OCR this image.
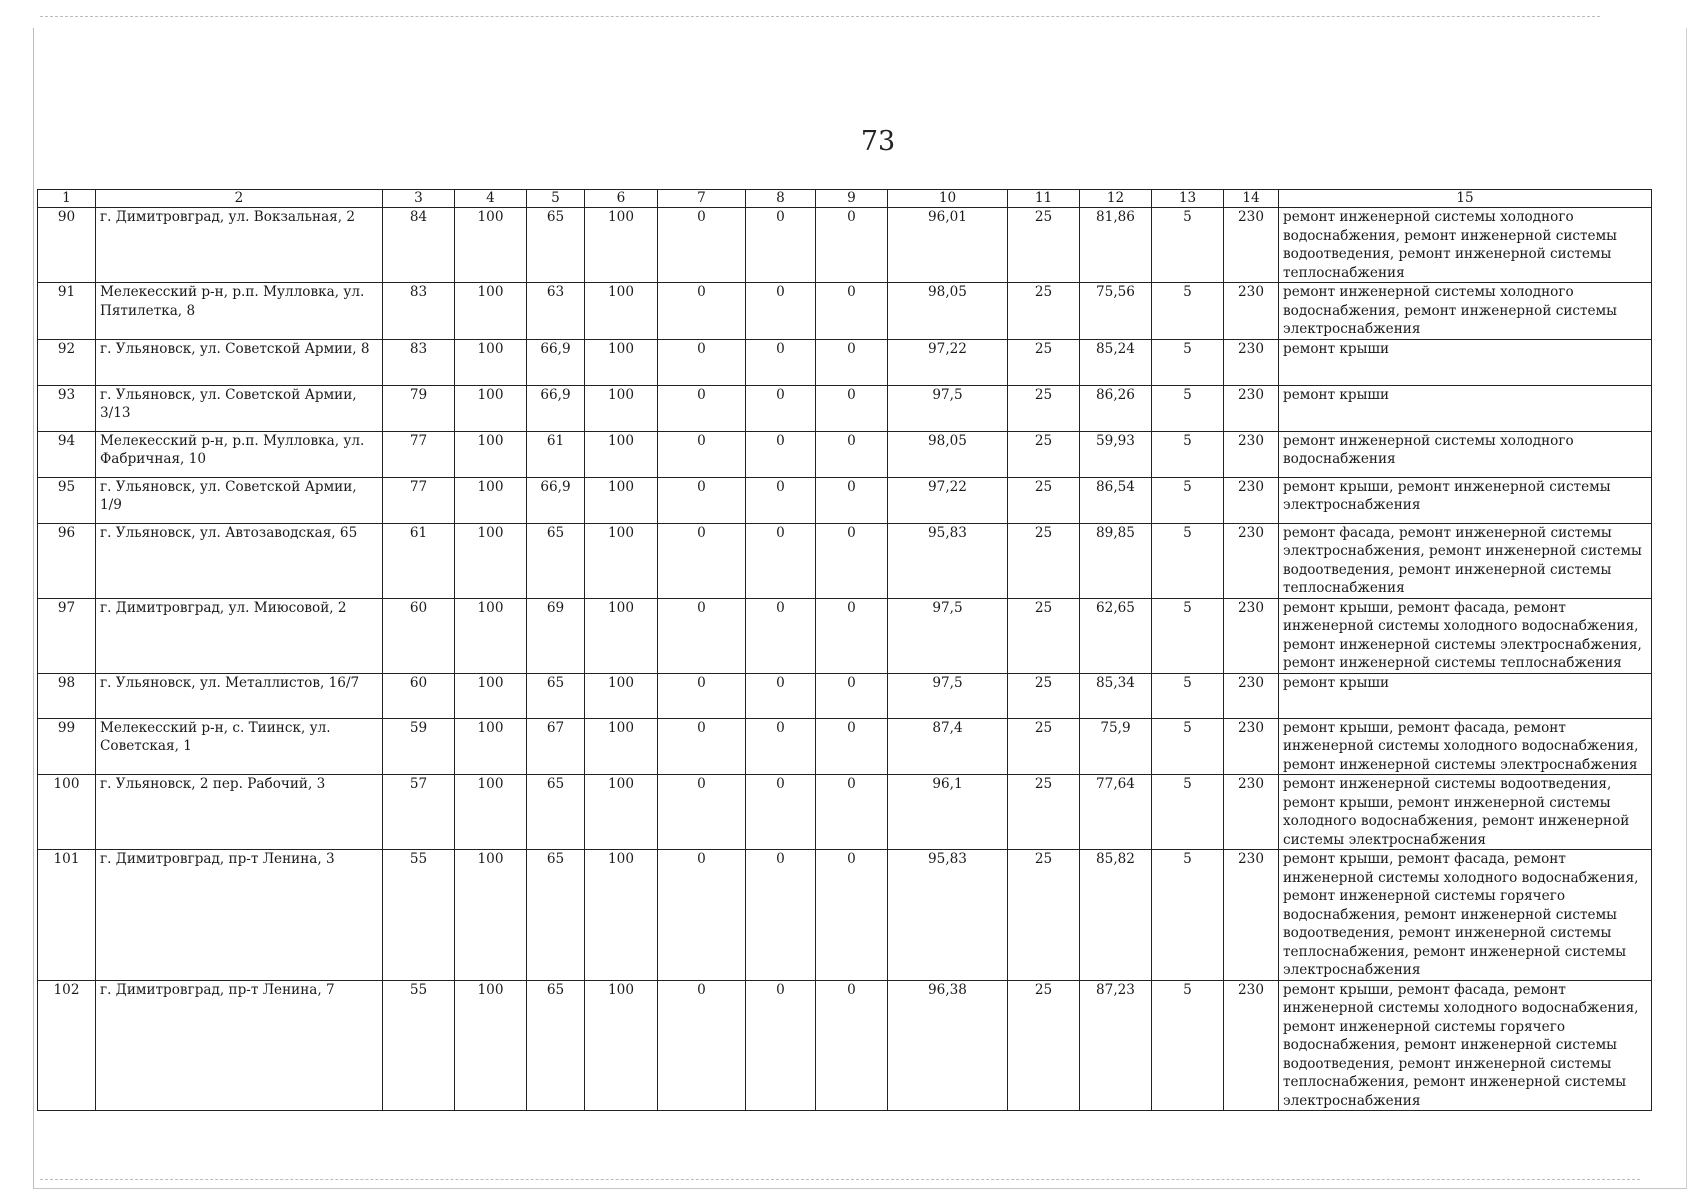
73
1	2	3	4	5	6	7	8	9	10	11	12	13	14	15
90	г. Димитровград, ул. Вокзальная, 2	84	100	65	100	0	0	0	96,01	25	81,86	5	230	ремонт инженерной системы холодного водоснабжения, ремонт инженерной системы водоотведения, ремонт инженерной системы теплоснабжения
91	Мелекесский р-н, р.п. Мулловка, ул. Пятилетка, 8	83	100	63	100	0	0	0	98,05	25	75,56	5	230	ремонт инженерной системы холодного водоснабжения, ремонт инженерной системы электроснабжения
92	г. Ульяновск, ул. Советской Армии, 8	83	100	66,9	100	0	0	0	97,22	25	85,24	5	230	ремонт крыши
93	г. Ульяновск, ул. Советской Армии, 3/13	79	100	66,9	100	0	0	0	97,5	25	86,26	5	230	ремонт крыши
94	Мелекесский р-н, р.п. Мулловка, ул. Фабричная, 10	77	100	61	100	0	0	0	98,05	25	59,93	5	230	ремонт инженерной системы холодного водоснабжения
95	г. Ульяновск, ул. Советской Армии, 1/9	77	100	66,9	100	0	0	0	97,22	25	86,54	5	230	ремонт крыши, ремонт инженерной системы электроснабжения
96	г. Ульяновск, ул. Автозаводская, 65	61	100	65	100	0	0	0	95,83	25	89,85	5	230	ремонт фасада, ремонт инженерной системы электроснабжения, ремонт инженерной системы водоотведения, ремонт инженерной системы теплоснабжения
97	г. Димитровград, ул. Миюсовой, 2	60	100	69	100	0	0	0	97,5	25	62,65	5	230	ремонт крыши, ремонт фасада, ремонт инженерной системы холодного водоснабжения, ремонт инженерной системы электроснабжения, ремонт инженерной системы теплоснабжения
98	г. Ульяновск, ул. Металлистов, 16/7	60	100	65	100	0	0	0	97,5	25	85,34	5	230	ремонт крыши
99	Мелекесский р-н, с. Тиинск, ул. Советская, 1	59	100	67	100	0	0	0	87,4	25	75,9	5	230	ремонт крыши, ремонт фасада, ремонт инженерной системы холодного водоснабжения, ремонт инженерной системы электроснабжения
100	г. Ульяновск, 2 пер. Рабочий, 3	57	100	65	100	0	0	0	96,1	25	77,64	5	230	ремонт инженерной системы водоотведения, ремонт крыши, ремонт инженерной системы холодного водоснабжения, ремонт инженерной системы электроснабжения
101	г. Димитровград, пр-т Ленина, 3	55	100	65	100	0	0	0	95,83	25	85,82	5	230	ремонт крыши, ремонт фасада, ремонт инженерной системы холодного водоснабжения, ремонт инженерной системы горячего водоснабжения, ремонт инженерной системы водоотведения, ремонт инженерной системы теплоснабжения, ремонт инженерной системы электроснабжения
102	г. Димитровград, пр-т Ленина, 7	55	100	65	100	0	0	0	96,38	25	87,23	5	230	ремонт крыши, ремонт фасада, ремонт инженерной системы холодного водоснабжения, ремонт инженерной системы горячего водоснабжения, ремонт инженерной системы водоотведения, ремонт инженерной системы теплоснабжения, ремонт инженерной системы электроснабжения
